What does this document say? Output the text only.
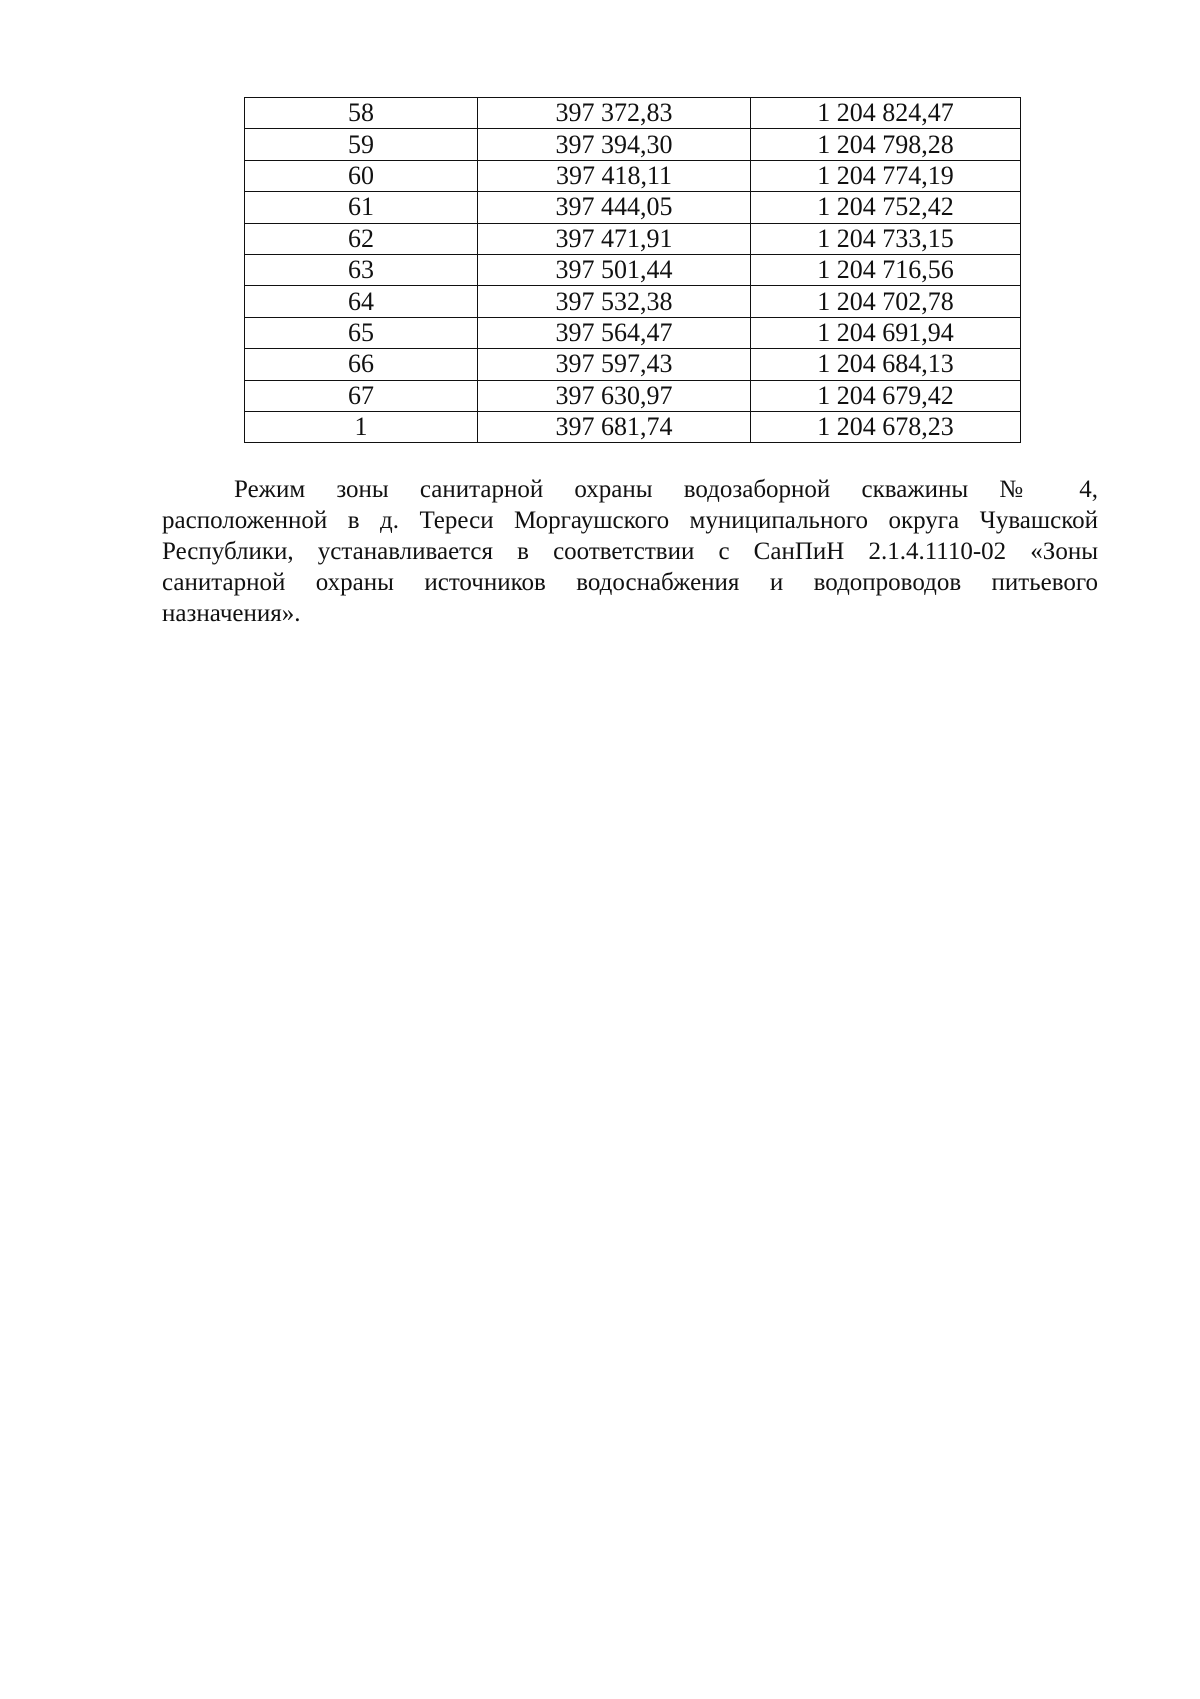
58	397 372,83	1 204 824,47
59	397 394,30	1 204 798,28
60	397 418,11	1 204 774,19
61	397 444,05	1 204 752,42
62	397 471,91	1 204 733,15
63	397 501,44	1 204 716,56
64	397 532,38	1 204 702,78
65	397 564,47	1 204 691,94
66	397 597,43	1 204 684,13
67	397 630,97	1 204 679,42
1	397 681,74	1 204 678,23
Режим зоны санитарной охраны водозаборной скважины № 4,
расположенной в д. Тереси Моргаушского муниципального округа Чувашской
Республики, устанавливается в соответствии с СанПиН 2.1.4.1110-02 «Зоны
санитарной охраны источников водоснабжения и водопроводов питьевого
назначения».
